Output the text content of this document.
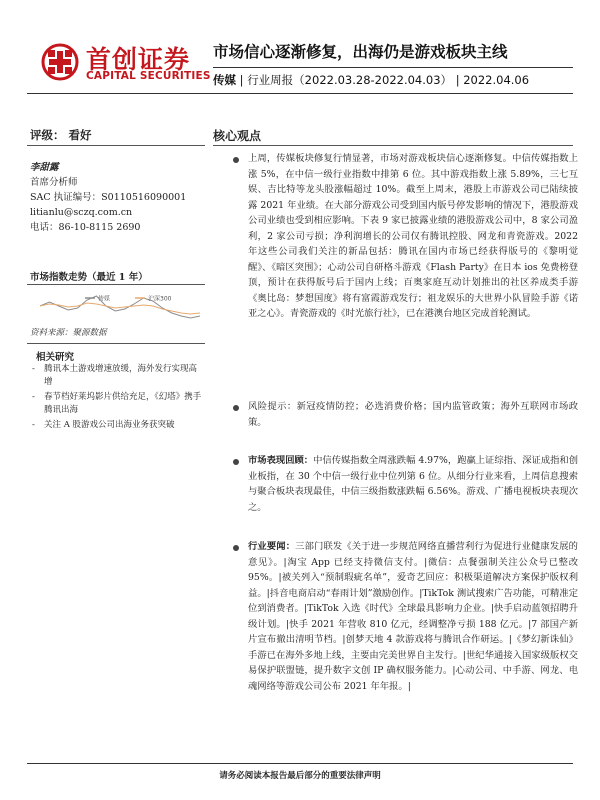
首创证券
CAPITAL SECURITIES
市场信心逐渐修复，出海仍是游戏板块主线
传媒 | 行业周报（2022.03.28-2022.04.03） | 2022.04.06
评级： 看好
李甜露
首席分析师
SAC 执证编号：S0110516090001
litianlu@sczq.com.cn
电话：86-10-8115 2690
市场指数走势（最近 1 年）
传媒	沪深300
资料来源：聚源数据
相关研究
- 腾讯本土游戏增速放缓，海外发行实现高增
- 春节档好莱坞影片供给充足，《幻塔》携手腾讯出海
- 关注 A 股游戏公司出海业务获突破
核心观点
上周，传媒板块修复行情显著，市场对游戏板块信心逐渐修复。中信传媒指数上涨 5%，在中信一级行业指数中排第 6 位。其中游戏指数上涨 5.89%，三七互娱、吉比特等龙头股涨幅超过 10%。截至上周末，港股上市游戏公司已陆续披露 2021 年业绩。在大部分游戏公司受到国内版号停发影响的情况下，港股游戏公司业绩也受到相应影响。下表 9 家已披露业绩的港股游戏公司中，8 家公司盈利，2 家公司亏损；净利润增长的公司仅有腾讯控股、网龙和青瓷游戏。2022 年这些公司我们关注的新品包括：腾讯在国内市场已经获得版号的《黎明觉醒》、《暗区突围》；心动公司自研格斗游戏《Flash Party》在日本 ios 免费榜登顶，预计在获得版号后于国内上线；百奥家庭互动计划推出的社区养成类手游《奥比岛：梦想国度》将有富霞游戏发行；祖龙娱乐的大世界小队冒险手游《诺亚之心》。青瓷游戏的《时光旅行社》，已在港澳台地区完成首轮测试。
风险提示：新冠疫情防控；必选消费价格；国内监管政策；海外互联网市场政策。
市场表现回顾：中信传媒指数全周涨跌幅 4.97%，跑赢上证综指、深证成指和创业板指，在 30 个中信一级行业中位列第 6 位。从细分行业来看，上周信息搜索与聚合板块表现最佳，中信三级指数涨跌幅 6.56%。游戏、广播电视板块表现次之。
行业要闻：三部门联发《关于进一步规范网络直播营利行为促进行业健康发展的意见》。|淘宝 App 已经支持微信支付。|微信：点餐强制关注公众号已整改 95%。|被关列入“预制瑕疵名单”，爱奇艺回应：积极渠道解决方案保护版权利益。|抖音电商启动“春雨计划”激励创作。|TikTok 测试搜索广告功能，可精准定位到消费者。|TikTok 入选《时代》全球最具影响力企业。|快手启动蓝领招聘升级计划。|快手 2021 年营收 810 亿元，经调整净亏损 188 亿元。|7 部国产新片宣布撤出清明节档。|创梦天地 4 款游戏将与腾讯合作研运。|《梦幻新诛仙》手游已在海外多地上线，主要由完美世界自主发行。|世纪华通接入国家级版权交易保护联盟链，提升数字文创 IP 确权服务能力。|心动公司、中手游、网龙、电魂网络等游戏公司公布 2021 年年报。|
请务必阅读本报告最后部分的重要法律声明
